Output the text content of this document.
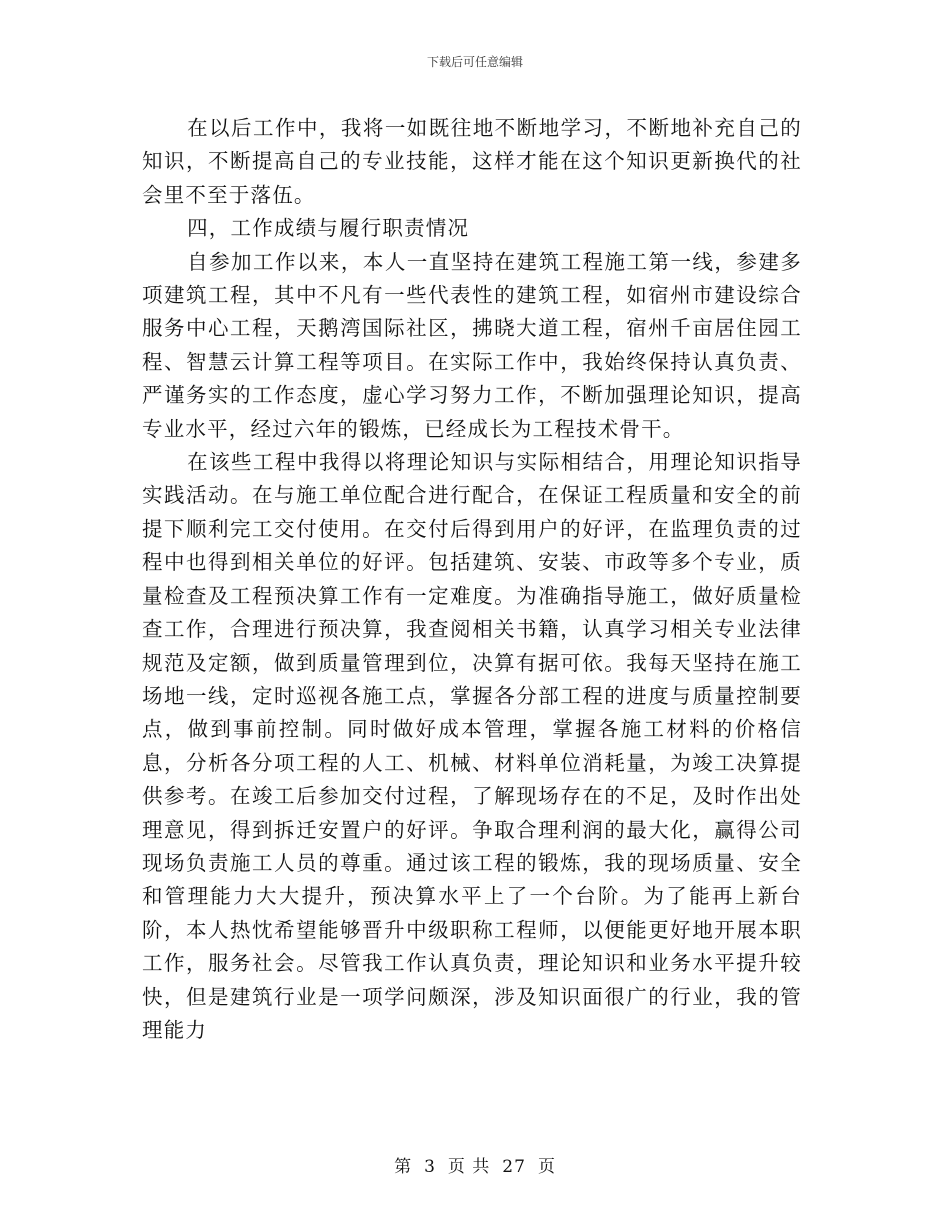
下载后可任意编辑

在以后工作中，我将一如既往地不断地学习，不断地补充自己的知识，不断提高自己的专业技能，这样才能在这个知识更新换代的社会里不至于落伍。

四，工作成绩与履行职责情况

自参加工作以来，本人一直坚持在建筑工程施工第一线，参建多项建筑工程，其中不凡有一些代表性的建筑工程，如宿州市建设综合服务中心工程，天鹅湾国际社区，拂晓大道工程，宿州千亩居住园工程、智慧云计算工程等项目。在实际工作中，我始终保持认真负责、严谨务实的工作态度，虚心学习努力工作，不断加强理论知识，提高专业水平，经过六年的锻炼，已经成长为工程技术骨干。

在该些工程中我得以将理论知识与实际相结合，用理论知识指导实践活动。在与施工单位配合进行配合，在保证工程质量和安全的前提下顺利完工交付使用。在交付后得到用户的好评，在监理负责的过程中也得到相关单位的好评。包括建筑、安装、市政等多个专业，质量检查及工程预决算工作有一定难度。为准确指导施工，做好质量检查工作，合理进行预决算，我查阅相关书籍，认真学习相关专业法律规范及定额，做到质量管理到位，决算有据可依。我每天坚持在施工场地一线，定时巡视各施工点，掌握各分部工程的进度与质量控制要点，做到事前控制。同时做好成本管理，掌握各施工材料的价格信息，分析各分项工程的人工、机械、材料单位消耗量，为竣工决算提供参考。在竣工后参加交付过程，了解现场存在的不足，及时作出处理意见，得到拆迁安置户的好评。争取合理利润的最大化，赢得公司现场负责施工人员的尊重。通过该工程的锻炼，我的现场质量、安全和管理能力大大提升，预决算水平上了一个台阶。为了能再上新台阶，本人热忱希望能够晋升中级职称工程师，以便能更好地开展本职工作，服务社会。尽管我工作认真负责，理论知识和业务水平提升较快，但是建筑行业是一项学问颇深，涉及知识面很广的行业，我的管理能力

第 3 页 共 27 页
